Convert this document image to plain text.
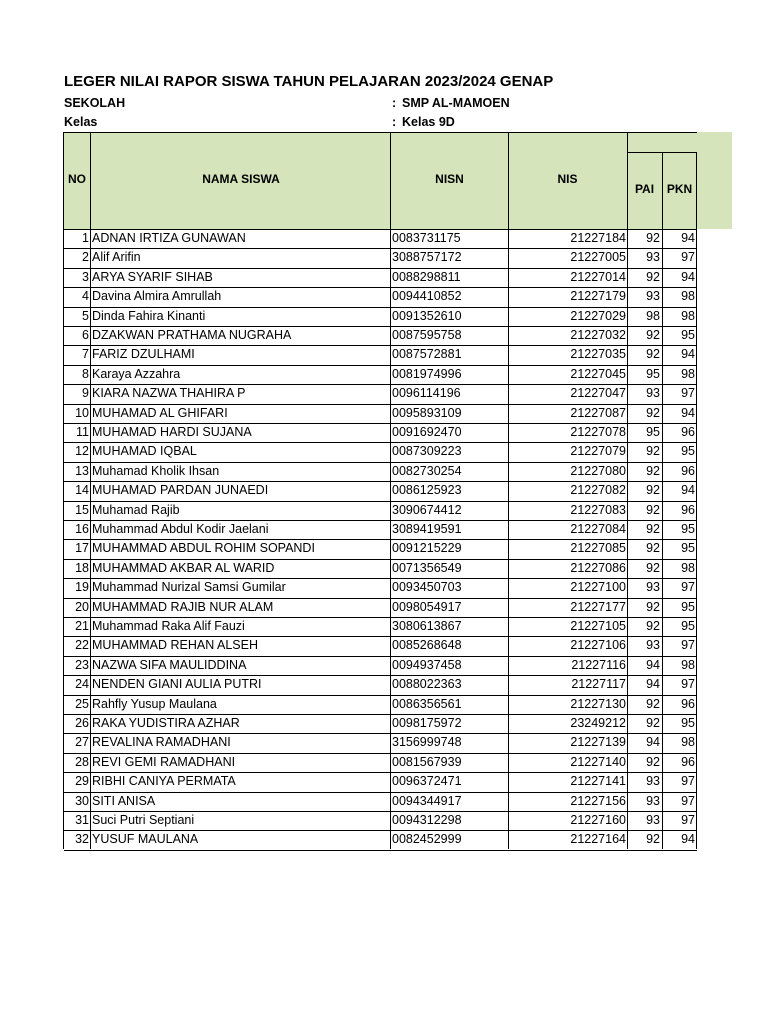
LEGER NILAI RAPOR SISWA TAHUN PELAJARAN 2023/2024 GENAP
SEKOLAH	: SMP AL-MAMOEN
Kelas	: Kelas 9D
NO	NAMA SISWA	NISN	NIS
PAI	PKN
1 ADNAN IRTIZA GUNAWAN	0083731175	21227184	92	94
2 Alif Arifin	3088757172	21227005	93	97
3 ARYA SYARIF SIHAB	0088298811	21227014	92	94
4 Davina Almira Amrullah	0094410852	21227179	93	98
5 Dinda Fahira Kinanti	0091352610	21227029	98	98
6 DZAKWAN PRATHAMA NUGRAHA	0087595758	21227032	92	95
7 FARIZ DZULHAMI	0087572881	21227035	92	94
8 Karaya Azzahra	0081974996	21227045	95	98
9 KIARA NAZWA THAHIRA P	0096114196	21227047	93	97
10 MUHAMAD AL GHIFARI	0095893109	21227087	92	94
11 MUHAMAD HARDI SUJANA	0091692470	21227078	95	96
12 MUHAMAD IQBAL	0087309223	21227079	92	95
13 Muhamad Kholik Ihsan	0082730254	21227080	92	96
14 MUHAMAD PARDAN JUNAEDI	0086125923	21227082	92	94
15 Muhamad Rajib	3090674412	21227083	92	96
16 Muhammad Abdul Kodir Jaelani	3089419591	21227084	92	95
17 MUHAMMAD ABDUL ROHIM SOPANDI	0091215229	21227085	92	95
18 MUHAMMAD AKBAR AL WARID	0071356549	21227086	92	98
19 Muhammad Nurizal Samsi Gumilar	0093450703	21227100	93	97
20 MUHAMMAD RAJIB NUR ALAM	0098054917	21227177	92	95
21 Muhammad Raka Alif Fauzi	3080613867	21227105	92	95
22 MUHAMMAD REHAN ALSEH	0085268648	21227106	93	97
23 NAZWA SIFA MAULIDDINA	0094937458	21227116	94	98
24 NENDEN GIANI AULIA PUTRI	0088022363	21227117	94	97
25 Rahfly Yusup Maulana	0086356561	21227130	92	96
26 RAKA YUDISTIRA AZHAR	0098175972	23249212	92	95
27 REVALINA RAMADHANI	3156999748	21227139	94	98
28 REVI GEMI RAMADHANI	0081567939	21227140	92	96
29 RIBHI CANIYA PERMATA	0096372471	21227141	93	97
30 SITI ANISA	0094344917	21227156	93	97
31 Suci Putri Septiani	0094312298	21227160	93	97
32 YUSUF MAULANA	0082452999	21227164	92	94
